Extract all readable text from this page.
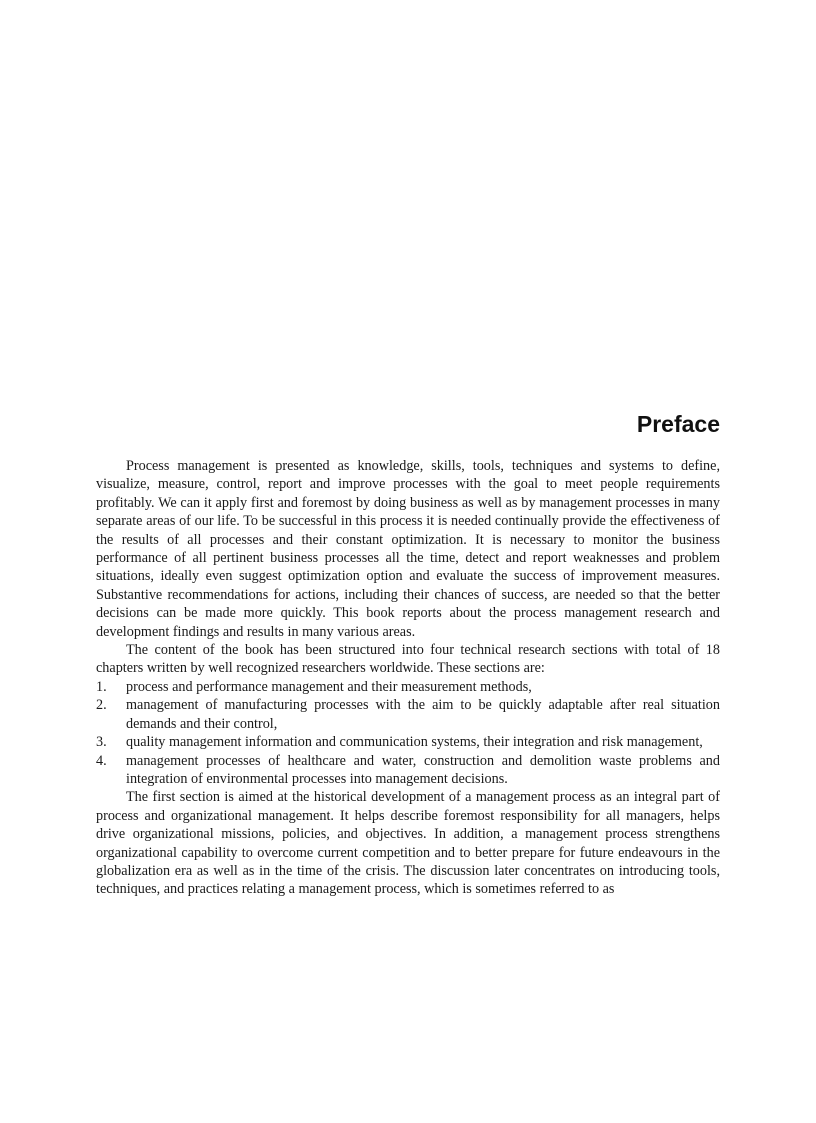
Preface

Process management is presented as knowledge, skills, tools, techniques and systems to define, visualize, measure, control, report and improve processes with the goal to meet people requirements profitably. We can it apply first and foremost by doing business as well as by management processes in many separate areas of our life. To be successful in this process it is needed continually provide the effectiveness of the results of all processes and their constant optimization. It is necessary to monitor the business performance of all pertinent business processes all the time, detect and report weaknesses and problem situations, ideally even suggest optimization option and evaluate the success of improvement measures. Substantive recommendations for actions, including their chances of success, are needed so that the better decisions can be made more quickly. This book reports about the process management research and development findings and results in many various areas.

The content of the book has been structured into four technical research sections with total of 18 chapters written by well recognized researchers worldwide. These sections are:

1. process and performance management and their measurement methods,
2. management of manufacturing processes with the aim to be quickly adaptable after real situation demands and their control,
3. quality management information and communication systems, their integration and risk management,
4. management processes of healthcare and water, construction and demolition waste problems and integration of environmental processes into management decisions.

The first section is aimed at the historical development of a management process as an integral part of process and organizational management. It helps describe foremost responsibility for all managers, helps drive organizational missions, policies, and objectives. In addition, a management process strengthens organizational capability to overcome current competition and to better prepare for future endeavours in the globalization era as well as in the time of the crisis. The discussion later concentrates on introducing tools, techniques, and practices relating a management process, which is sometimes referred to as
